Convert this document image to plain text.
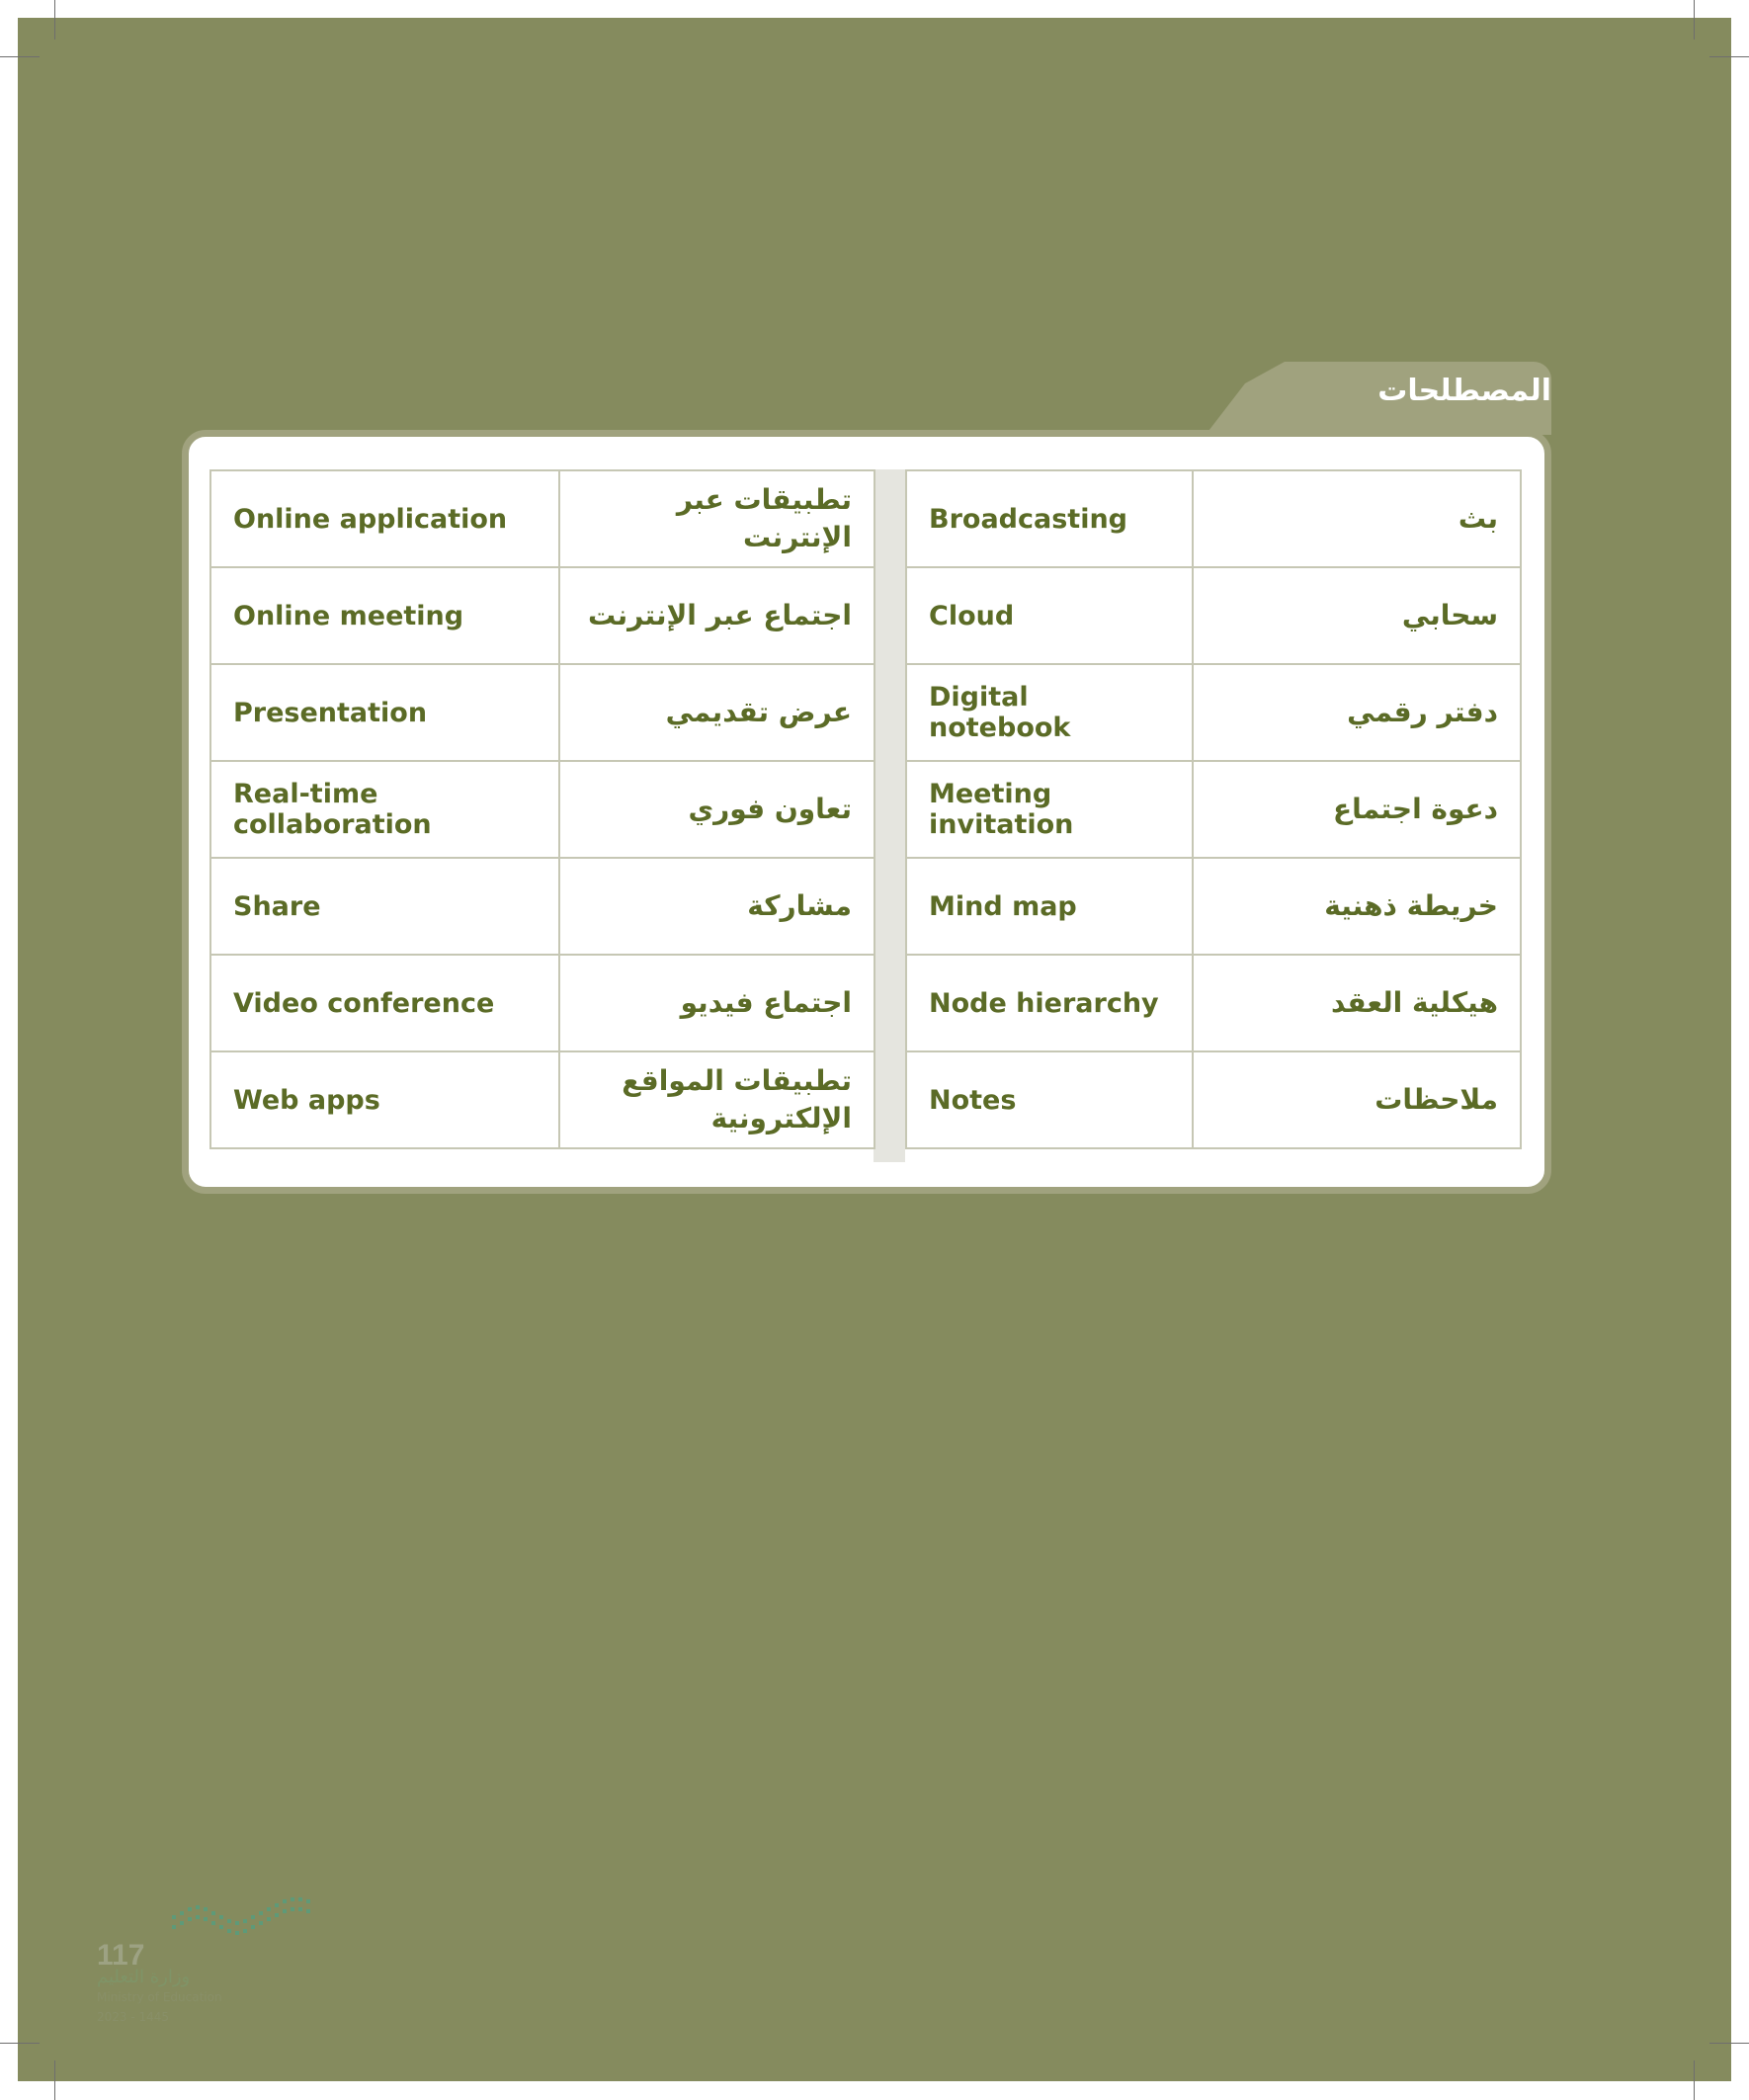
المصطلحات
Online application	تطبيقات عبر الإنترنت
Online meeting	اجتماع عبر الإنترنت
Presentation	عرض تقديمي
Real-time collaboration	تعاون فوري
Share	مشاركة
Video conference	اجتماع فيديو
Web apps	تطبيقات المواقع الإلكترونية
Broadcasting	بث
Cloud	سحابي
Digital notebook	دفتر رقمي
Meeting invitation	دعوة اجتماع
Mind map	خريطة ذهنية
Node hierarchy	هيكلية العقد
Notes	ملاحظات
117
وزارة التعليم
Ministry of Education
2023 - 1445
